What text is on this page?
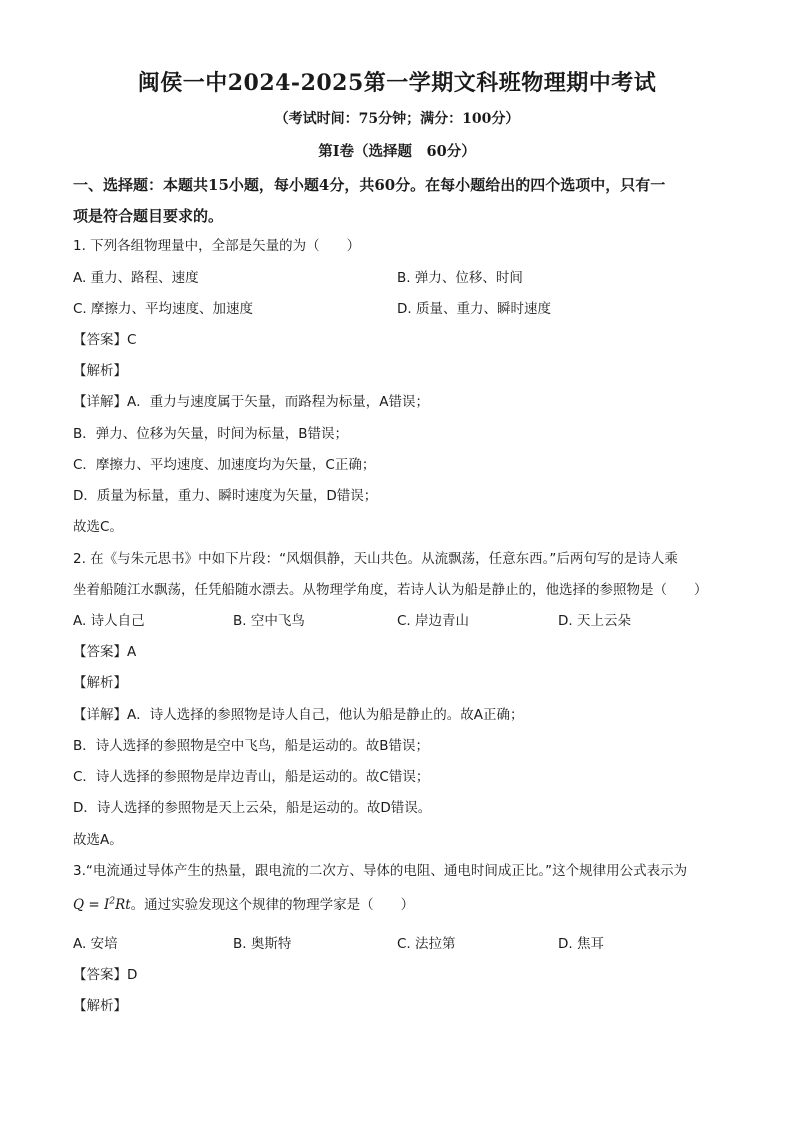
闽侯一中2024-2025第一学期文科班物理期中考试
（考试时间：75分钟；满分：100分）
第Ⅰ卷（选择题　60分）
一、选择题：本题共15小题，每小题4分，共60分。在每小题给出的四个选项中，只有一
项是符合题目要求的。
1. 下列各组物理量中，全部是矢量的为（　　）
A. 重力、路程、速度	B. 弹力、位移、时间
C. 摩擦力、平均速度、加速度	D. 质量、重力、瞬时速度
【答案】C
【解析】
【详解】A．重力与速度属于矢量，而路程为标量，A错误；
B．弹力、位移为矢量，时间为标量，B错误；
C．摩擦力、平均速度、加速度均为矢量，C正确；
D．质量为标量，重力、瞬时速度为矢量，D错误；
故选C。
2. 在《与朱元思书》中如下片段：“风烟俱静，天山共色。从流飘荡，任意东西。”后两句写的是诗人乘
坐着船随江水飘荡，任凭船随水漂去。从物理学角度，若诗人认为船是静止的，他选择的参照物是（　　）
A. 诗人自己	B. 空中飞鸟	C. 岸边青山	D. 天上云朵
【答案】A
【解析】
【详解】A．诗人选择的参照物是诗人自己，他认为船是静止的。故A正确；
B．诗人选择的参照物是空中飞鸟，船是运动的。故B错误；
C．诗人选择的参照物是岸边青山，船是运动的。故C错误；
D．诗人选择的参照物是天上云朵，船是运动的。故D错误。
故选A。
3.“电流通过导体产生的热量，跟电流的二次方、导体的电阻、通电时间成正比。”这个规律用公式表示为
$Q = I^2Rt$。通过实验发现这个规律的物理学家是（　　）
A. 安培	B. 奥斯特	C. 法拉第	D. 焦耳
【答案】D
【解析】
